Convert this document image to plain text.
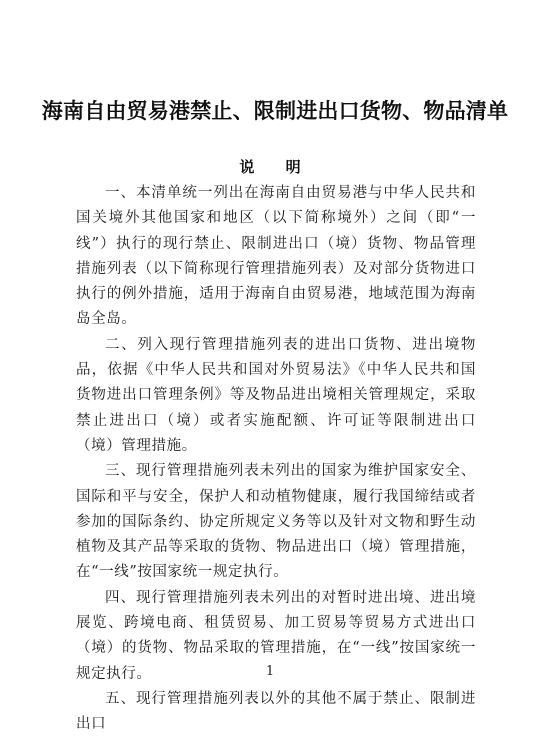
海南自由贸易港禁止、限制进出口货物、物品清单
说 明

一、本清单统一列出在海南自由贸易港与中华人民共和国关境外其他国家和地区（以下简称境外）之间（即“一线”）执行的现行禁止、限制进出口（境）货物、物品管理措施列表（以下简称现行管理措施列表）及对部分货物进口执行的例外措施，适用于海南自由贸易港，地域范围为海南岛全岛。

二、列入现行管理措施列表的进出口货物、进出境物品，依据《中华人民共和国对外贸易法》《中华人民共和国货物进出口管理条例》等及物品进出境相关管理规定，采取禁止进出口（境）或者实施配额、许可证等限制进出口（境）管理措施。

三、现行管理措施列表未列出的国家为维护国家安全、国际和平与安全，保护人和动植物健康，履行我国缔结或者参加的国际条约、协定所规定义务等以及针对文物和野生动植物及其产品等采取的货物、物品进出口（境）管理措施，在“一线”按国家统一规定执行。

四、现行管理措施列表未列出的对暂时进出境、进出境展览、跨境电商、租赁贸易、加工贸易等贸易方式进出口（境）的货物、物品采取的管理措施，在“一线”按国家统一规定执行。

五、现行管理措施列表以外的其他不属于禁止、限制进出口

1
